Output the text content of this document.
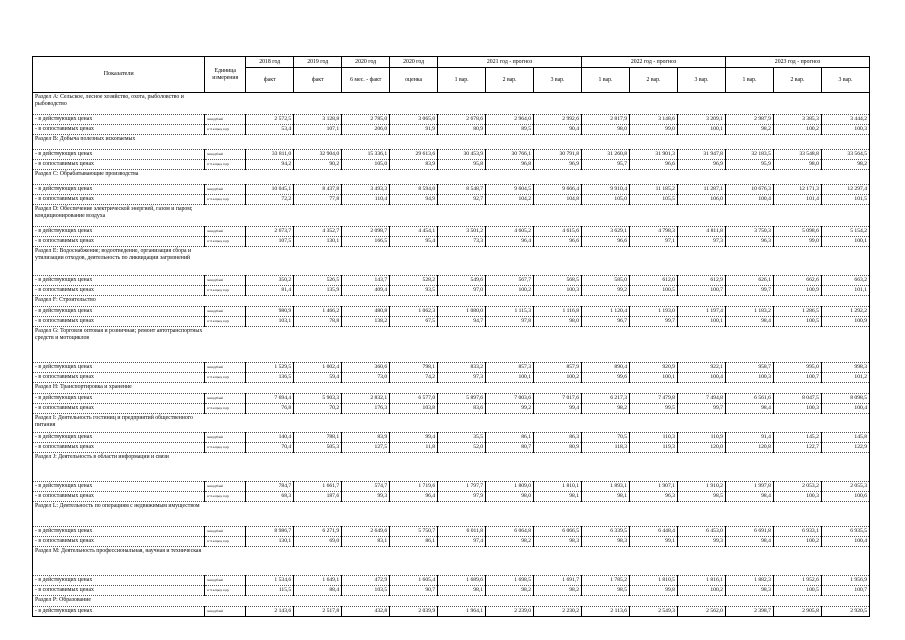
Показатели	Единица измерения	2018 год	2019 год	2020 год	2020 год	2021 год - прогноз			2022 год - прогноз			2023 год - прогноз		
		факт	факт	6 мес. - факт	оценка	1 вар.	2 вар.	3 вар.	1 вар.	2 вар.	3 вар.	1 вар.	2 вар.	3 вар.
Раздел A: Сельское, лесное хозяйство, охота, рыболовство и рыбоводство														
- в действующих ценах	млн рублей	2 572,5	3 128,8	2 785,0	3 065,0	2 678,6	2 964,0	2 992,6	2 817,9	3 148,6	3 209,1	2 987,9	3 385,3	3 444,2
- в сопоставимых ценах	в % к пред. году	53,4	107,1	206,0	91,9	80,9	89,5	90,4	98,0	99,0	100,1	98,2	100,2	100,3
Раздел B: Добыча полезных ископаемых														
- в действующих ценах	млн рублей	33 811,0	32 904,0	15 336,1	29 613,6	30 453,9	30 766,1	30 791,8	31 260,8	31 901,3	31 947,8	32 183,5	33 548,8	33 564,5
- в сопоставимых ценах	в % к пред. году	94,2	90,2	105,0	83,9	95,8	96,8	96,9	95,7	96,6	96,9	95,9	98,0	98,2
Раздел C: Обрабатывающие производства														
- в действующих ценах	млн рублей	10 045,1	8 437,8	3 493,3	8 594,0	8 548,7	9 604,5	9 666,4	9 910,4	11 185,2	11 287,1	10 676,3	12 171,3	12 297,4
- в сопоставимых ценах	в % к пред. году	72,2	77,8	110,4	94,9	92,7	104,2	104,8	105,0	105,5	106,0	100,4	101,4	101,5
Раздел D: Обеспечение электрической энергией, газом и паром; кондиционирование воздуха														
- в действующих ценах	млн рублей	2 673,7	4 352,7	2 098,7	4 454,1	3 501,2	4 605,2	4 615,6	3 629,1	4 798,3	4 811,8	3 750,3	5 098,6	5 154,2
- в сопоставимых ценах	в % к пред. году	107,5	130,1	166,5	95,4	73,3	96,4	96,6	96,6	97,1	97,3	96,3	99,0	100,1
Раздел E: Водоснабжение; водоотведение, организация сбора и утилизации отходов, деятельность по ликвидации загрязнений														
- в действующих ценах	млн рублей	350,2	526,5	143,7	528,2	549,6	567,7	568,5	585,0	612,0	612,9	626,1	662,6	663,2
- в сопоставимых ценах	в % к пред. году	81,4	135,9	409,4	93,5	97,0	100,2	100,3	99,2	100,5	100,7	99,7	100,9	101,1
Раздел F: Строительство														
- в действующих ценах	млн рублей	980,9	1 466,2	480,8	1 062,3	1 080,0	1 115,3	1 116,8	1 120,4	1 193,0	1 197,4	1 183,2	1 286,5	1 292,2
- в сопоставимых ценах	в % к пред. году	103,1	78,8	138,2	67,5	94,7	97,8	98,0	96,7	99,7	100,1	98,4	100,5	100,9
Раздел G: Торговля оптовая и розничная; ремонт автотранспортных средств и мотоциклов														
- в действующих ценах	млн рублей	1 529,5	1 002,4	360,6	798,1	833,2	857,3	857,9	890,4	920,9	922,1	958,7	995,0	998,3
- в сопоставимых ценах	в % к пред. году	136,5	59,4	73,0	74,2	97,3	100,1	100,2	99,6	100,1	100,4	100,3	100,7	101,2
Раздел H: Транспортировка и хранение														
- в действующих ценах	млн рублей	7 694,4	5 903,3	2 832,1	6 577,0	5 897,6	7 003,6	7 017,6	6 217,3	7 479,8	7 494,8	6 561,6	8 047,5	8 098,5
- в сопоставимых ценах	в % к пред. году	76,8	70,2	176,3	103,8	83,6	99,2	99,4	98,2	99,5	99,7	98,4	100,3	100,4
Раздел I: Деятельность гостиниц и предприятий общественного питания														
- в действующих ценах	млн рублей	140,4	788,1	83,9	99,4	35,5	86,1	86,3	70,5	110,3	110,9	91,4	145,2	145,8
- в сопоставимых ценах	в % к пред. году	70,4	505,3	127,5	11,8	52,0	80,7	80,9	118,3	119,3	120,0	120,8	122,7	122,9
Раздел J: Деятельность в области информации и связи														
- в действующих ценах	млн рублей	784,7	1 661,7	574,7	1 719,6	1 797,7	1 809,0	1 810,1	1 893,1	1 907,1	1 910,2	1 997,8	2 053,2	2 055,3
- в сопоставимых ценах	в % к пред. году	68,3	187,6	99,3	96,4	97,9	98,0	98,1	98,1	96,3	98,5	98,4	100,3	100,6
Раздел L: Деятельность по операциям с недвижимым имуществом														
- в действующих ценах	млн рублей	8 986,7	6 271,9	2 649,6	5 750,7	6 011,8	6 064,8	6 066,5	6 339,5	6 448,4	6 453,0	6 691,8	6 933,1	6 935,5
- в сопоставимых ценах	в % к пред. году	130,1	69,0	83,1	86,1	97,4	98,2	98,3	98,3	99,1	99,3	98,4	100,2	100,4
Раздел M: Деятельность профессиональная, научная и техническая														
- в действующих ценах	млн рублей	1 534,6	1 649,1	472,9	1 605,4	1 689,6	1 698,5	1 691,7	1 785,2	1 810,5	1 816,1	1 882,3	1 952,6	1 956,9
- в сопоставимых ценах	в % к пред. году	115,5	88,4	103,5	90,7	98,1	98,2	98,2	98,5	99,8	100,2	98,3	100,5	100,7
Раздел P: Образование														
- в действующих ценах	млн рублей	2 143,6	2 517,8	432,8	2 039,9	1 964,1	2 239,0	2 230,2	2 113,6	2 549,3	2 562,0	2 398,7	2 905,8	2 920,5
